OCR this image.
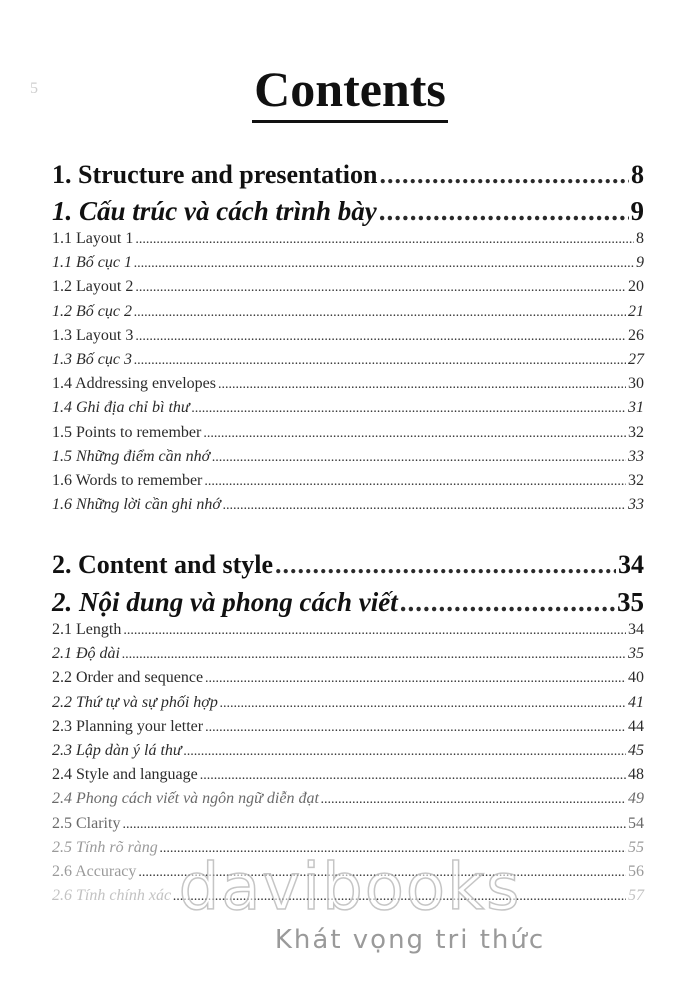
5	Contents
1. Structure and presentation .....	8
1. Cấu trúc và cách trình bày .....	9
1.1 Layout 1 .....	8
1.1 Bố cục 1 .....	9
1.2 Layout 2 .....	20
1.2 Bố cục 2 .....	21
1.3 Layout 3 .....	26
1.3 Bố cục 3 .....	27
1.4 Addressing envelopes .....	30
1.4 Ghi địa chỉ bì thư .....	31
1.5 Points to remember .....	32
1.5 Những điểm cần nhớ .....	33
1.6 Words to remember .....	32
1.6 Những lời cần ghi nhớ .....	33
2. Content and style .....	34
2. Nội dung và phong cách viết .....	35
2.1 Length .....	34
2.1 Độ dài .....	35
2.2 Order and sequence .....	40
2.2 Thứ tự và sự phối hợp .....	41
2.3 Planning your letter .....	44
2.3 Lập dàn ý lá thư .....	45
2.4 Style and language .....	48
2.4 Phong cách viết và ngôn ngữ diễn đạt .....	49
2.5 Clarity .....	54
2.5 Tính rõ ràng .....	55
2.6 Accuracy .....	56
2.6 Tính chính xác .....	57
davibooks
Khát vọng tri thức
